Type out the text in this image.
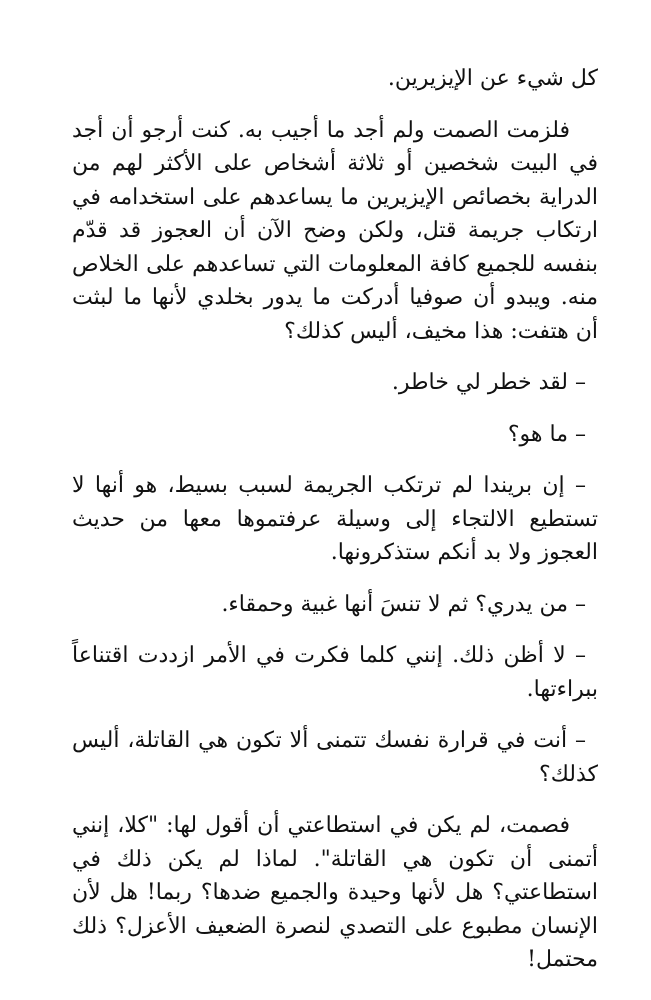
كل شيء عن الإيزيرين.

فلزمت الصمت ولم أجد ما أجيب به. كنت أرجو أن أجد في البيت شخصين أو ثلاثة أشخاص على الأكثر لهم من الدراية بخصائص الإيزيرين ما يساعدهم على استخدامه في ارتكاب جريمة قتل، ولكن وضح الآن أن العجوز قد قدّم بنفسه للجميع كافة المعلومات التي تساعدهم على الخلاص منه. ويبدو أن صوفيا أدركت ما يدور بخلدي لأنها ما لبثت أن هتفت: هذا مخيف، أليس كذلك؟

– لقد خطر لي خاطر.

– ما هو؟

– إن بريندا لم ترتكب الجريمة لسبب بسيط، هو أنها لا تستطيع الالتجاء إلى وسيلة عرفتموها معها من حديث العجوز ولا بد أنكم ستذكرونها.

– من يدري؟ ثم لا تنسَ أنها غبية وحمقاء.

– لا أظن ذلك. إنني كلما فكرت في الأمر ازددت اقتناعاً ببراءتها.

– أنت في قرارة نفسك تتمنى ألا تكون هي القاتلة، أليس كذلك؟

فصمت، لم يكن في استطاعتي أن أقول لها: "كلا، إنني أتمنى أن تكون هي القاتلة". لماذا لم يكن ذلك في استطاعتي؟ هل لأنها وحيدة والجميع ضدها؟ ربما! هل لأن الإنسان مطبوع على التصدي لنصرة الضعيف الأعزل؟ ذلك محتمل!
